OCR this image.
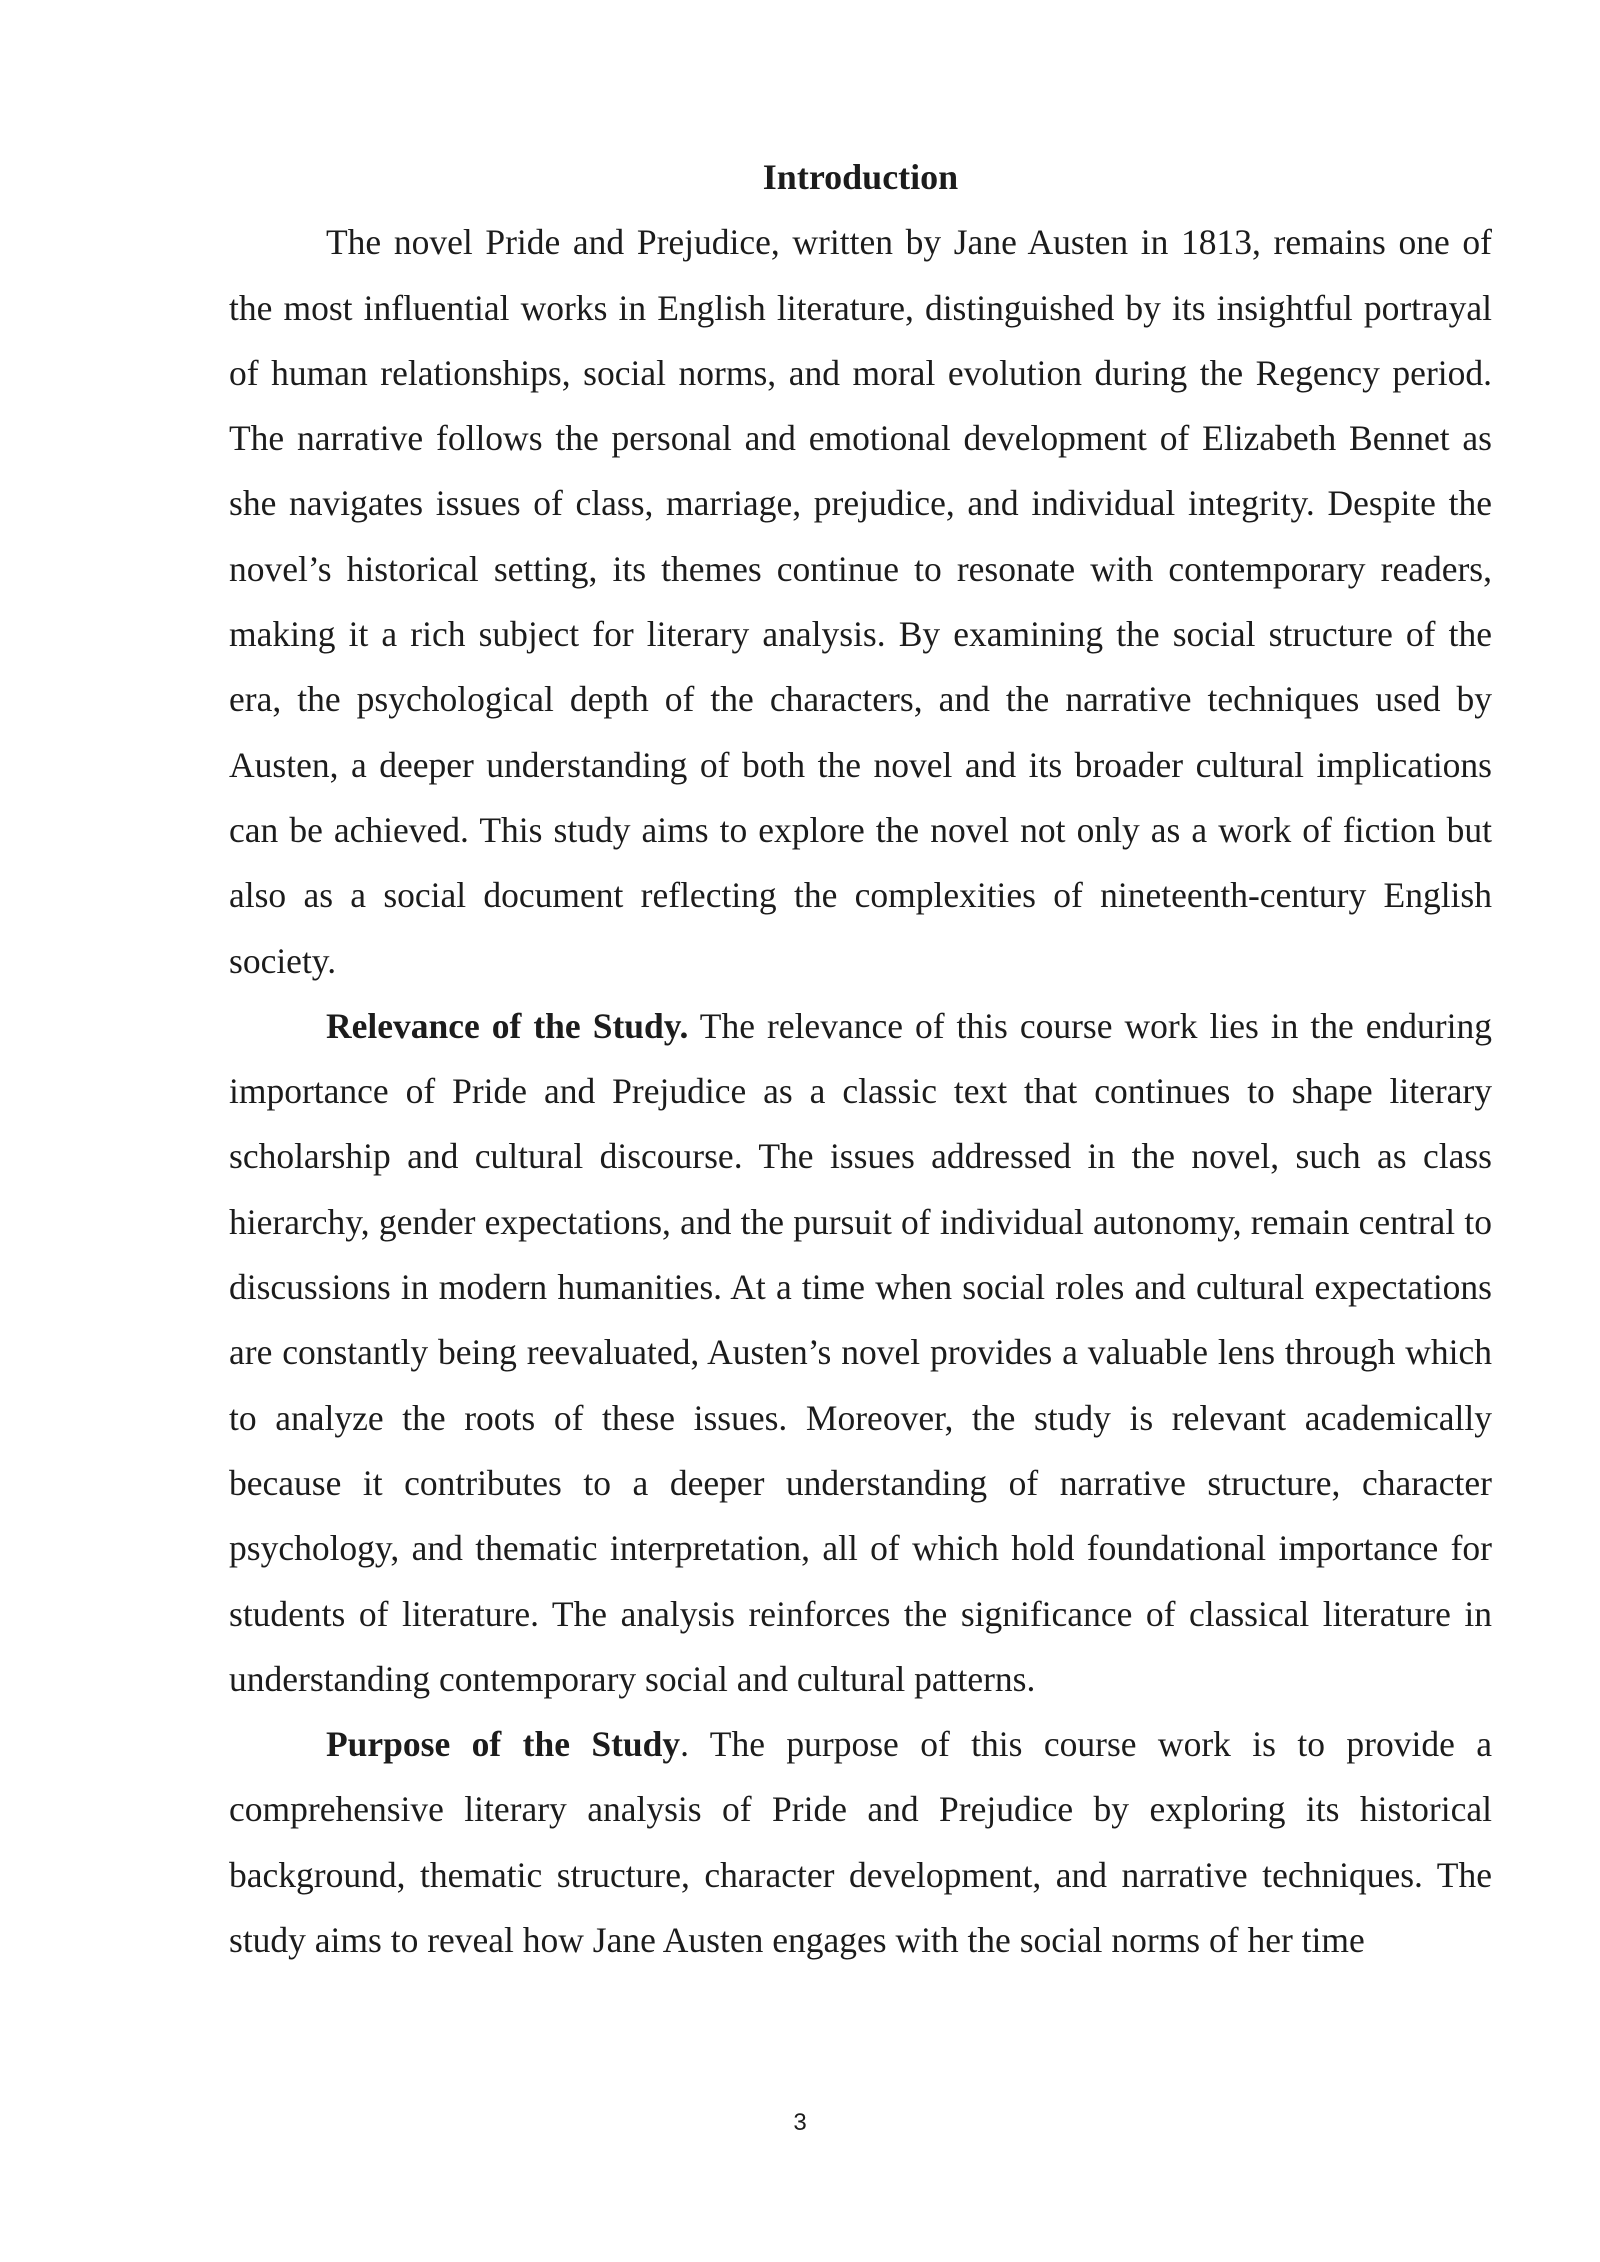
Introduction

The novel Pride and Prejudice, written by Jane Austen in 1813, remains one of the most influential works in English literature, distinguished by its insightful portrayal of human relationships, social norms, and moral evolution during the Regency period. The narrative follows the personal and emotional development of Elizabeth Bennet as she navigates issues of class, marriage, prejudice, and individual integrity. Despite the novel’s historical setting, its themes continue to resonate with contemporary readers, making it a rich subject for literary analysis. By examining the social structure of the era, the psychological depth of the characters, and the narrative techniques used by Austen, a deeper understanding of both the novel and its broader cultural implications can be achieved. This study aims to explore the novel not only as a work of fiction but also as a social document reflecting the complexities of nineteenth-century English society.

Relevance of the Study. The relevance of this course work lies in the enduring importance of Pride and Prejudice as a classic text that continues to shape literary scholarship and cultural discourse. The issues addressed in the novel, such as class hierarchy, gender expectations, and the pursuit of individual autonomy, remain central to discussions in modern humanities. At a time when social roles and cultural expectations are constantly being reevaluated, Austen’s novel provides a valuable lens through which to analyze the roots of these issues. Moreover, the study is relevant academically because it contributes to a deeper understanding of narrative structure, character psychology, and thematic interpretation, all of which hold foundational importance for students of literature. The analysis reinforces the significance of classical literature in understanding contemporary social and cultural patterns.

Purpose of the Study. The purpose of this course work is to provide a comprehensive literary analysis of Pride and Prejudice by exploring its historical background, thematic structure, character development, and narrative techniques. The study aims to reveal how Jane Austen engages with the social norms of her time

3
